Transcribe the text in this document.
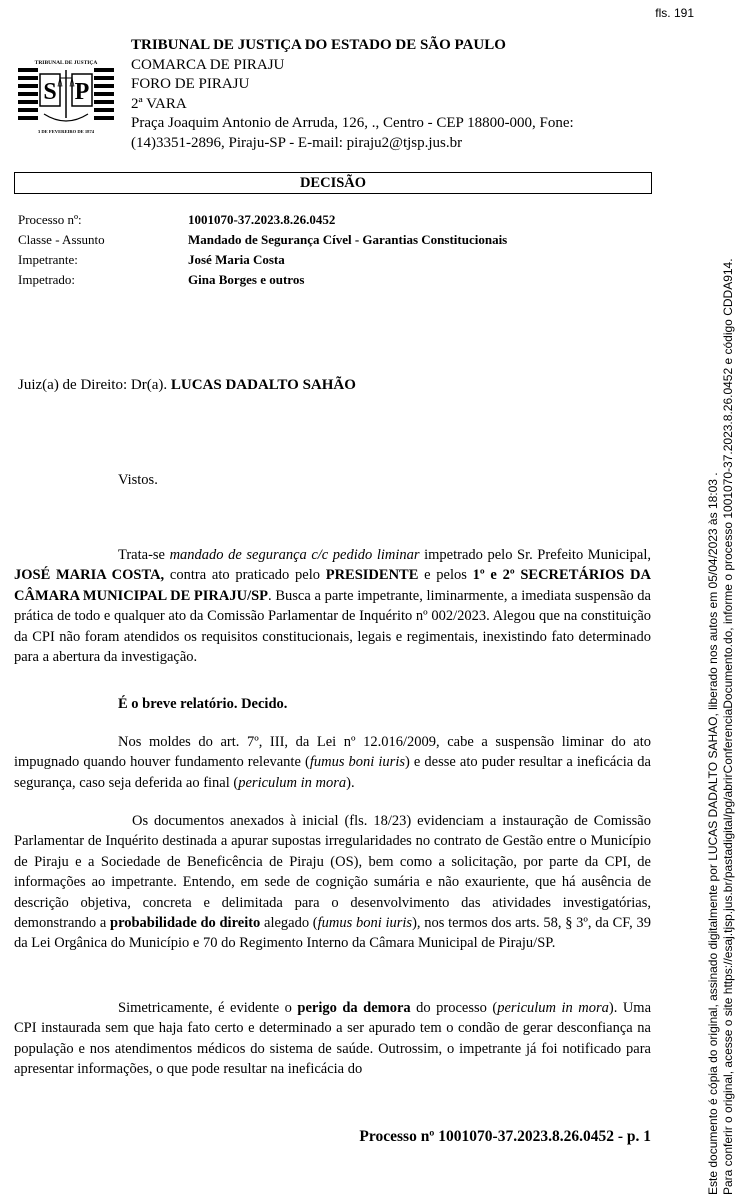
fls. 191
TRIBUNAL DE JUSTIÇA
S P
3 DE FEVEREIRO DE 1874
TRIBUNAL DE JUSTIÇA DO ESTADO DE SÃO PAULO
COMARCA DE PIRAJU
FORO DE PIRAJU
2ª VARA
Praça Joaquim Antonio de Arruda, 126, ., Centro - CEP 18800-000, Fone:
(14)3351-2896, Piraju-SP - E-mail: piraju2@tjsp.jus.br
DECISÃO
Processo nº:	1001070-37.2023.8.26.0452
Classe - Assunto	Mandado de Segurança Cível - Garantias Constitucionais
Impetrante:	José Maria Costa
Impetrado:	Gina Borges e outros
Juiz(a) de Direito: Dr(a). LUCAS DADALTO SAHÃO
Vistos.
Trata-se mandado de segurança c/c pedido liminar impetrado pelo Sr. Prefeito Municipal, JOSÉ MARIA COSTA, contra ato praticado pelo PRESIDENTE e pelos 1º e 2º SECRETÁRIOS DA CÂMARA MUNICIPAL DE PIRAJU/SP. Busca a parte impetrante, liminarmente, a imediata suspensão da prática de todo e qualquer ato da Comissão Parlamentar de Inquérito nº 002/2023. Alegou que na constituição da CPI não foram atendidos os requisitos constitucionais, legais e regimentais, inexistindo fato determinado para a abertura da investigação.
É o breve relatório. Decido.
Nos moldes do art. 7º, III, da Lei nº 12.016/2009, cabe a suspensão liminar do ato impugnado quando houver fundamento relevante (fumus boni iuris) e desse ato puder resultar a ineficácia da segurança, caso seja deferida ao final (periculum in mora).
Os documentos anexados à inicial (fls. 18/23) evidenciam a instauração de Comissão Parlamentar de Inquérito destinada a apurar supostas irregularidades no contrato de Gestão entre o Município de Piraju e a Sociedade de Beneficência de Piraju (OS), bem como a solicitação, por parte da CPI, de informações ao impetrante. Entendo, em sede de cognição sumária e não exauriente, que há ausência de descrição objetiva, concreta e delimitada para o desenvolvimento das atividades investigatórias, demonstrando a probabilidade do direito alegado (fumus boni iuris), nos termos dos arts. 58, § 3º, da CF, 39 da Lei Orgânica do Município e 70 do Regimento Interno da Câmara Municipal de Piraju/SP.
Simetricamente, é evidente o perigo da demora do processo (periculum in mora). Uma CPI instaurada sem que haja fato certo e determinado a ser apurado tem o condão de gerar desconfiança na população e nos atendimentos médicos do sistema de saúde. Outrossim, o impetrante já foi notificado para apresentar informações, o que pode resultar na ineficácia do
Processo nº 1001070-37.2023.8.26.0452 - p. 1	Este documento é cópia do original, assinado digitalmente por LUCAS DADALTO SAHAO, liberado nos autos em 05/04/2023 às 18:03 . Para conferir o original, acesse o site https://esaj.tjsp.jus.br/pastadigital/pg/abrirConferenciaDocumento.do, informe o processo 1001070-37.2023.8.26.0452 e código CDDA914.
